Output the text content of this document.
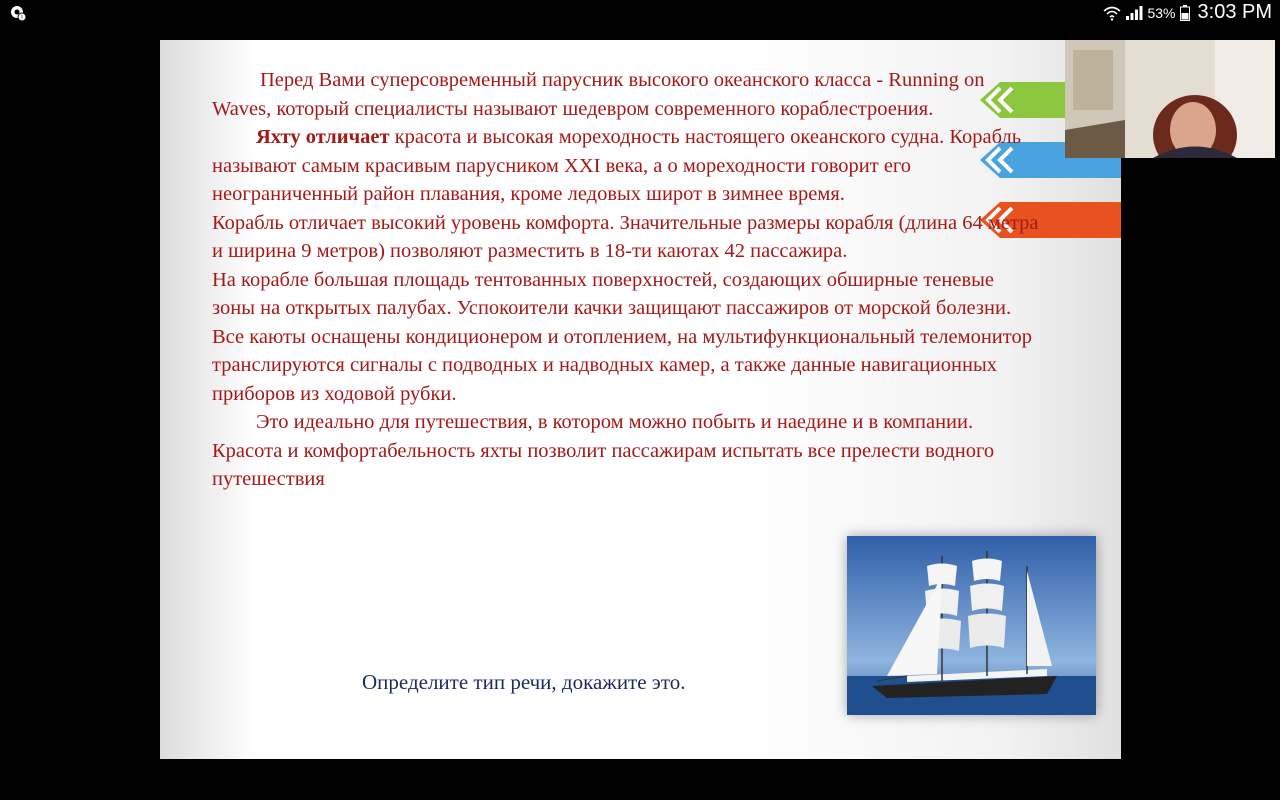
!	53% 3:03 PM

Перед Вами суперсовременный парусник высокого океанского класса - Running on Waves, который специалисты называют шедевром современного кораблестроения.

Яхту отличает красота и высокая мореходность настоящего океанского судна. Корабль называют самым красивым парусником XXI века, а о мореходности говорит его неограниченный район плавания, кроме ледовых широт в зимнее время.

Корабль отличает высокий уровень комфорта. Значительные размеры корабля (длина 64 метра и ширина 9 метров) позволяют разместить в 18-ти каютах 42 пассажира.

На корабле большая площадь тентованных поверхностей, создающих обширные теневые зоны на открытых палубах. Успокоители качки защищают пассажиров от морской болезни. Все каюты оснащены кондиционером и отоплением, на мультифункциональный телемонитор транслируются сигналы с подводных и надводных камер, а также данные навигационных приборов из ходовой рубки.

Это идеально для путешествия, в котором можно побыть и наедине и в компании. Красота и комфортабельность яхты позволит пассажирам испытать все прелести водного путешествия

Определите тип речи, докажите это.
